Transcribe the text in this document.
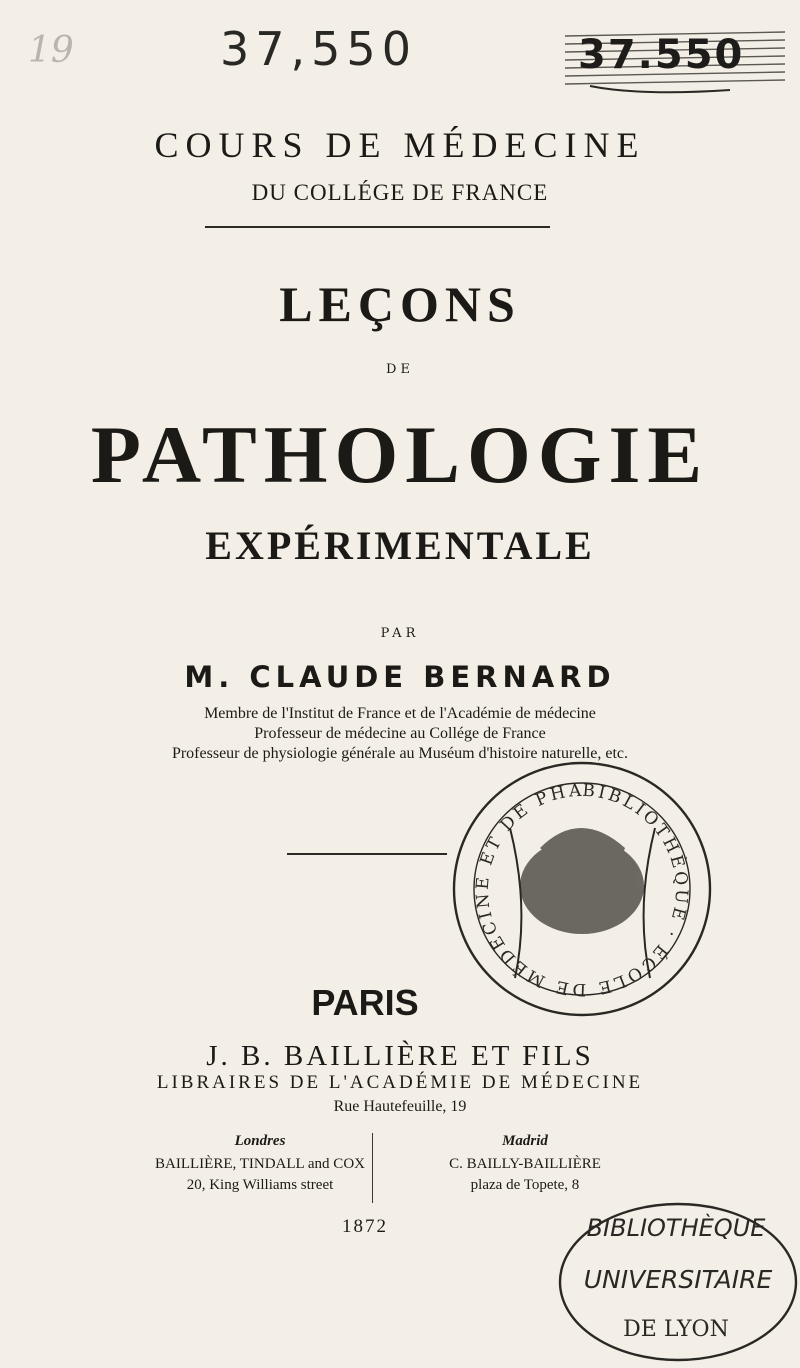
19	37,550	37.550
COURS DE MÉDECINE
DU COLLÉGE DE FRANCE
LEÇONS
DE
PATHOLOGIE
EXPÉRIMENTALE
PAR
M. CLAUDE BERNARD
Membre de l'Institut de France et de l'Académie de médecine
Professeur de médecine au Collége de France
Professeur de physiologie générale au Muséum d'histoire naturelle, etc.
BIBLIOTHÈQUE · ÉCOLE DE MÉDECINE ET DE PHA
PARIS
J. B. BAILLIÈRE ET FILS
LIBRAIRES DE L'ACADÉMIE DE MÉDECINE
Rue Hautefeuille, 19
Londres
BAILLIÈRE, TINDALL and COX
20, King Williams street
Madrid
C. BAILLY-BAILLIÈRE
plaza de Topete, 8
1872	BIBLIOTHÈQUE
UNIVERSITAIRE
DE LYON
